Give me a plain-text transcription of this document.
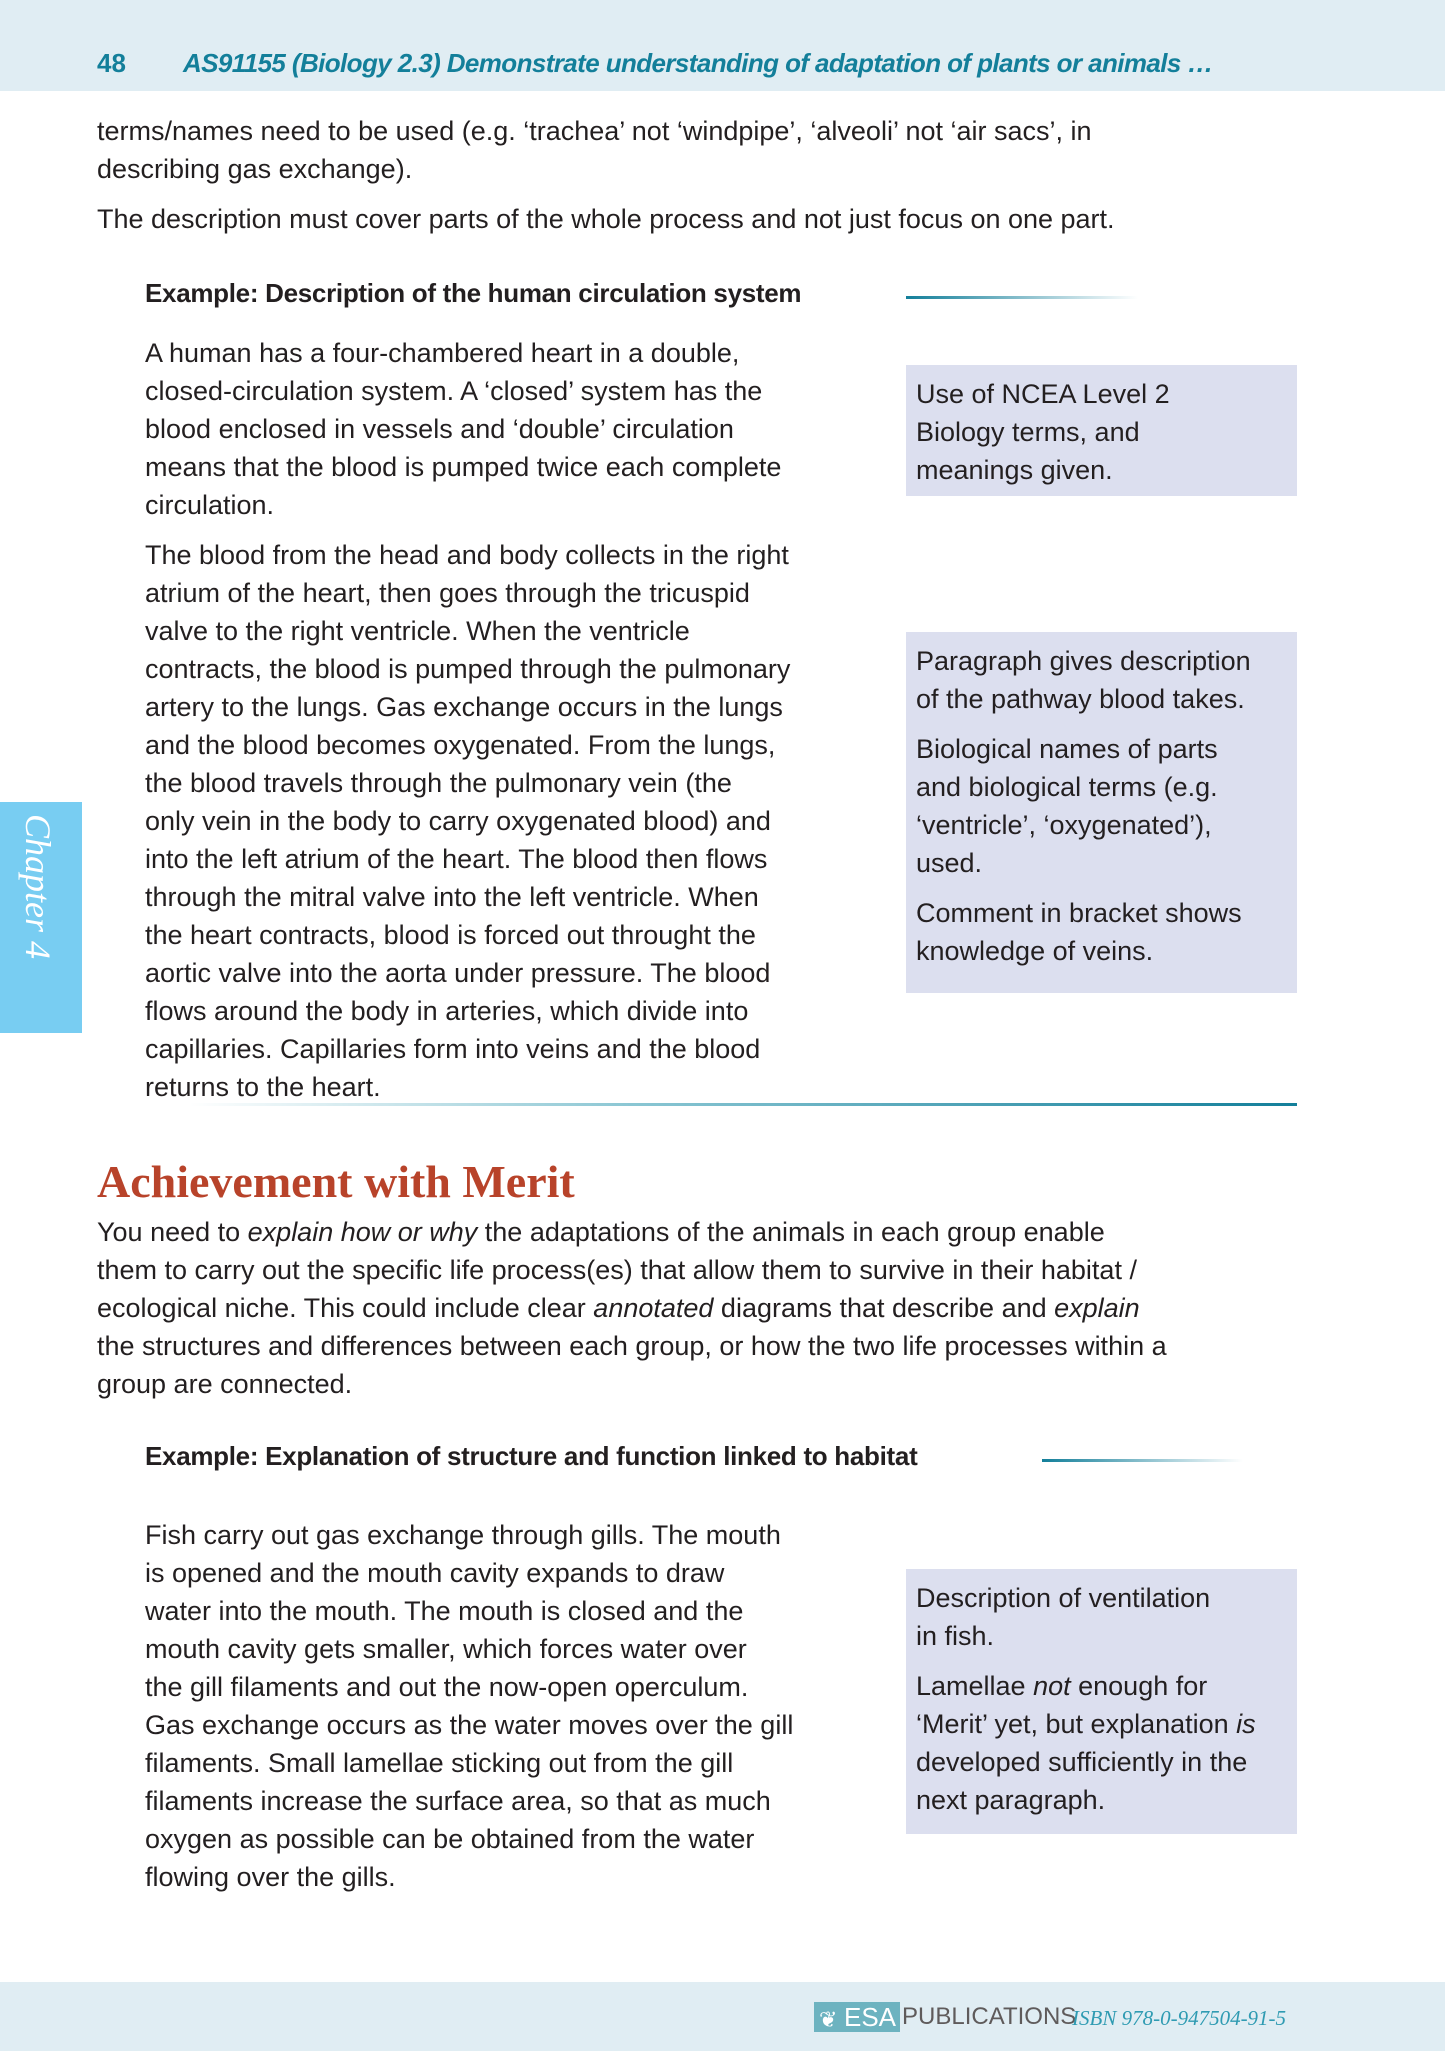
48 AS91155 (Biology 2.3) Demonstrate understanding of adaptation of plants or animals …
Chapter 4
terms/names need to be used (e.g. ‘trachea’ not ‘windpipe’, ‘alveoli’ not ‘air sacs’, in
describing gas exchange).
The description must cover parts of the whole process and not just focus on one part.
Example: Description of the human circulation system
A human has a four-chambered heart in a double,
closed-circulation system. A ‘closed’ system has the
blood enclosed in vessels and ‘double’ circulation
means that the blood is pumped twice each complete
circulation.
The blood from the head and body collects in the right
atrium of the heart, then goes through the tricuspid
valve to the right ventricle. When the ventricle
contracts, the blood is pumped through the pulmonary
artery to the lungs. Gas exchange occurs in the lungs
and the blood becomes oxygenated. From the lungs,
the blood travels through the pulmonary vein (the
only vein in the body to carry oxygenated blood) and
into the left atrium of the heart. The blood then flows
through the mitral valve into the left ventricle. When
the heart contracts, blood is forced out throught the
aortic valve into the aorta under pressure. The blood
flows around the body in arteries, which divide into
capillaries. Capillaries form into veins and the blood
returns to the heart.
Use of NCEA Level 2
Biology terms, and
meanings given.
Paragraph gives description
of the pathway blood takes.
Biological names of parts
and biological terms (e.g.
‘ventricle’, ‘oxygenated’),
used.
Comment in bracket shows
knowledge of veins.
Achievement with Merit
You need to explain how or why the adaptations of the animals in each group enable
them to carry out the specific life process(es) that allow them to survive in their habitat /
ecological niche. This could include clear annotated diagrams that describe and explain
the structures and differences between each group, or how the two life processes within a
group are connected.
Example: Explanation of structure and function linked to habitat
Fish carry out gas exchange through gills. The mouth
is opened and the mouth cavity expands to draw
water into the mouth. The mouth is closed and the
mouth cavity gets smaller, which forces water over
the gill filaments and out the now-open operculum.
Gas exchange occurs as the water moves over the gill
filaments. Small lamellae sticking out from the gill
filaments increase the surface area, so that as much
oxygen as possible can be obtained from the water
flowing over the gills.
Description of ventilation
in fish.
Lamellae not enough for
‘Merit’ yet, but explanation is
developed sufficiently in the
next paragraph.
❦ ESA PUBLICATIONS
ISBN 978-0-947504-91-5
